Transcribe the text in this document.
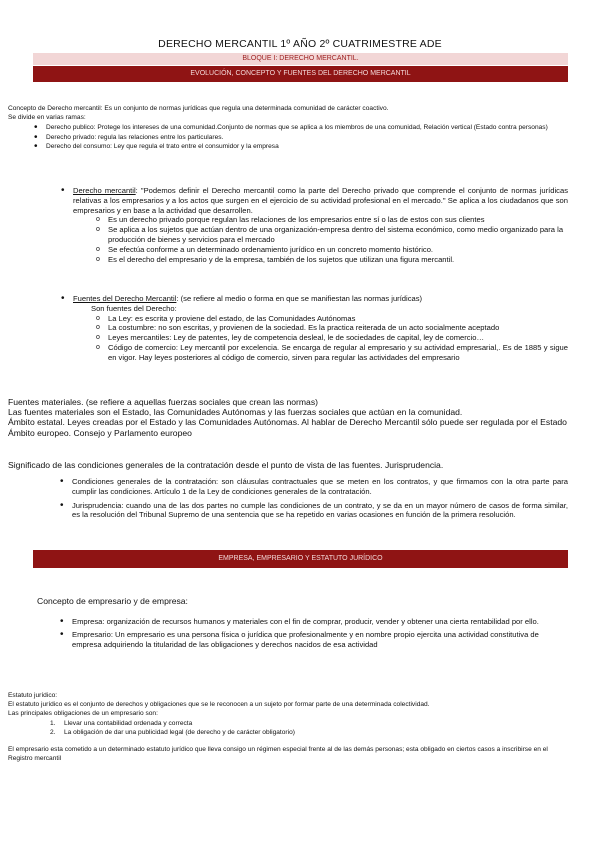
DERECHO MERCANTIL 1º AÑO 2º CUATRIMESTRE ADE
BLOQUE I: DERECHO MERCANTIL.
EVOLUCIÓN, CONCEPTO Y FUENTES DEL DERECHO MERCANTIL
Concepto de Derecho mercantil: Es un conjunto de normas jurídicas que regula una determinada comunidad de carácter coactivo.
Se divide en varias ramas:
• Derecho publico: Protege los intereses de una comunidad.Conjunto de normas que se aplica a los miembros de una comunidad, Relación vertical (Estado contra personas)
• Derecho privado: regula las relaciones entre los particulares.
• Derecho del consumo: Ley que regula el trato entre el consumidor y la empresa
• Derecho mercantil: "Podemos definir el Derecho mercantil como la parte del Derecho privado que comprende el conjunto de normas jurídicas relativas a los empresarios y a los actos que surgen en el ejercicio de su actividad profesional en el mercado." Se aplica a los ciudadanos que son empresarios y en base a la actividad que desarrollen.
o Es un derecho privado porque regulan las relaciones de los empresarios entre sí o las de estos con sus clientes
o Se aplica a los sujetos que actúan dentro de una organización-empresa dentro del sistema económico, como medio organizado para la producción de bienes y servicios para el mercado
o Se efectúa conforme a un determinado ordenamiento jurídico en un concreto momento histórico.
o Es el derecho del empresario y de la empresa, también de los sujetos que utilizan una figura mercantil.
• Fuentes del Derecho Mercantil: (se refiere al medio o forma en que se manifiestan las normas jurídicas)
Son fuentes del Derecho:
o La Ley: es escrita y proviene del estado, de las Comunidades Autónomas
o La costumbre: no son escritas, y provienen de la sociedad. Es la practica reiterada de un acto socialmente aceptado
o Leyes mercantiles: Ley de patentes, ley de competencia desleal, le de sociedades de capital, ley de comercio…
o Código de comercio: Ley mercantil por excelencia. Se encarga de regular al empresario y su actividad empresarial,. Es de 1885 y sigue en vigor. Hay leyes posteriores al código de comercio, sirven para regular las actividades del empresario
Fuentes materiales. (se refiere a aquellas fuerzas sociales que crean las normas)
Las fuentes materiales son el Estado, las Comunidades Autónomas y las fuerzas sociales que actúan en la comunidad.
Ámbito estatal. Leyes creadas por el Estado y las Comunidades Autónomas. Al hablar de Derecho Mercantil sólo puede ser regulada por el Estado
Ámbito europeo. Consejo y Parlamento europeo
Significado de las condiciones generales de la contratación desde el punto de vista de las fuentes. Jurisprudencia.
• Condiciones generales de la contratación: son cláusulas contractuales que se meten en los contratos, y que firmamos con la otra parte para cumplir las condiciones. Artículo 1 de la Ley de condiciones generales de la contratación.
• Jurisprudencia: cuando una de las dos partes no cumple las condiciones de un contrato, y se da en un mayor número de casos de forma similar, es la resolución del Tribunal Supremo de una sentencia que se ha repetido en varias ocasiones en función de la primera resolución.
EMPRESA, EMPRESARIO Y ESTATUTO JURÍDICO
Concepto de empresario y de empresa:
• Empresa: organización de recursos humanos y materiales con el fin de comprar, producir, vender y obtener una cierta rentabilidad por ello.
• Empresario: Un empresario es una persona física o jurídica que profesionalmente y en nombre propio ejercita una actividad constitutiva de empresa adquiriendo la titularidad de las obligaciones y derechos nacidos de esa actividad
Estatuto jurídico:
El estatuto jurídico es el conjunto de derechos y obligaciones que se le reconocen a un sujeto por formar parte de una determinada colectividad.
Las principales obligaciones de un empresario son:
1. Llevar una contabilidad ordenada y correcta
2. La obligación de dar una publicidad legal (de derecho y de carácter obligatorio)
El empresario esta cometido a un determinado estatuto jurídico que lleva consigo un régimen especial frente al de las demás personas; esta obligado en ciertos casos a inscribirse en el Registro mercantil
